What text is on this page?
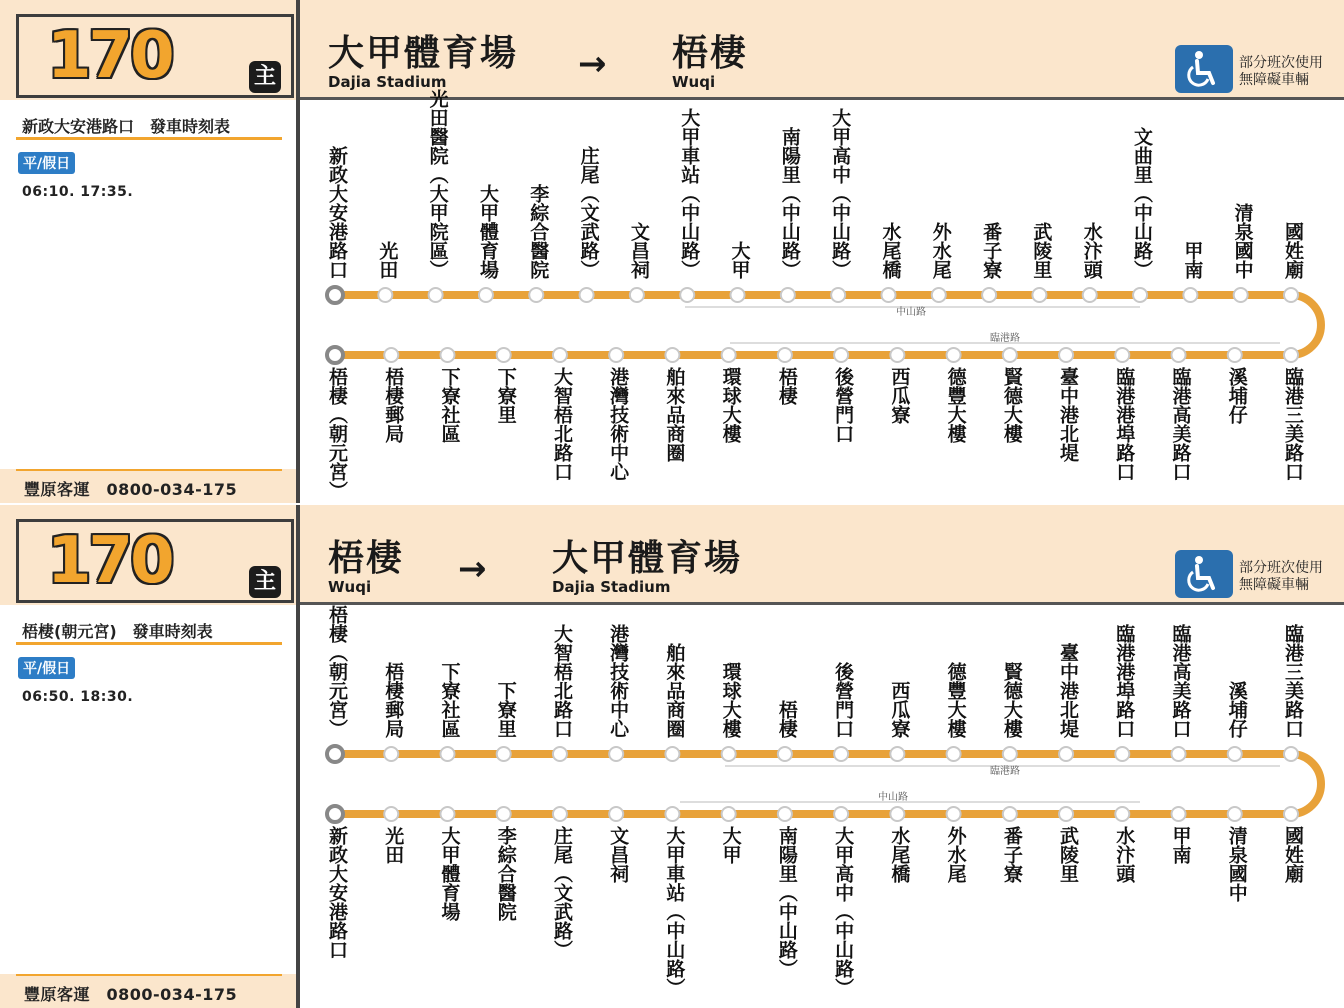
170	主
大甲體育場
Dajia Stadium	→ 梧棲
Wuqi
部分班次使用
無障礙車輛
新政大安港路口　發車時刻表
平/假日
06:10. 17:35.
豐原客運　0800-034-175
中山路
臨港路
新政大安港路口 光田 光田醫院（大甲院區） 大甲體育場 李綜合醫院 庄尾（文武路） 文昌祠 大甲車站（中山路） 大甲 南陽里（中山路） 大甲高中（中山路） 水尾橋 外水尾 番子寮 武陵里 水汴頭 文曲里（中山路） 甲南 清泉國中 國姓廟
梧棲（朝元宮） 梧棲郵局 下寮社區 下寮里 大智梧北路口 港灣技術中心 舶來品商圈 環球大樓 梧棲 後營門口 西瓜寮 德豐大樓 賢德大樓 臺中港北堤 臨港港埠路口 臨港高美路口 溪埔仔 臨港三美路口
170	主
梧棲
Wuqi	→ 大甲體育場
Dajia Stadium
部分班次使用
無障礙車輛
梧棲(朝元宮)　發車時刻表
平/假日
06:50. 18:30.
豐原客運　0800-034-175
臨港路
中山路
梧棲（朝元宮） 梧棲郵局 下寮社區 下寮里 大智梧北路口 港灣技術中心 舶來品商圈 環球大樓 梧棲 後營門口 西瓜寮 德豐大樓 賢德大樓 臺中港北堤 臨港港埠路口 臨港高美路口 溪埔仔 臨港三美路口
新政大安港路口 光田 大甲體育場 李綜合醫院 庄尾（文武路） 文昌祠 大甲車站（中山路） 大甲 南陽里（中山路） 大甲高中（中山路） 水尾橋 外水尾 番子寮 武陵里 水汴頭 甲南 清泉國中 國姓廟
